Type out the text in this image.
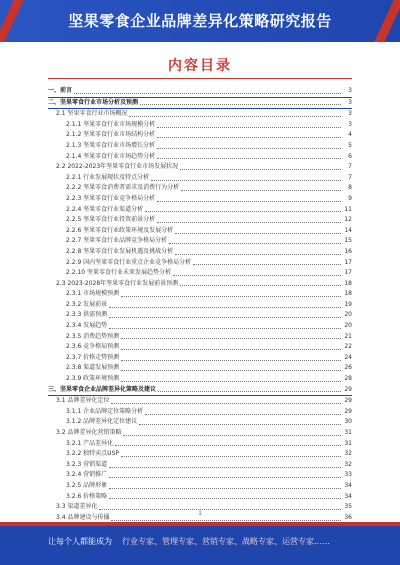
坚果零食企业品牌差异化策略研究报告
内容目录
一、前言	3
二、坚果零食行业市场分析及预测	3
2.1 坚果零食行业市场概况	3
2.1.1 坚果零食行业市场规模分析	3
2.1.2 坚果零食行业市场结构分析	4
2.1.3 坚果零食行业市场增长分析	5
2.1.4 坚果零食行业市场趋势分析	6
2.2 2022-2023年坚果零食行业市场发展状况	7
2.2.1 行业发展现状及特点分析	7
2.2.2 坚果零食消费者需求及消费行为分析	8
2.2.3 坚果零食行业竞争格局分析	9
2.2.4 坚果零食行业渠道分析	11
2.2.5 坚果零食行业投资前景分析	12
2.2.6 坚果零食行业政策环境及发展分析	14
2.2.7 坚果零食行业品牌竞争格局分析	15
2.2.8 坚果零食行业发展机遇及挑战分析	16
2.2.9 国内坚果零食行业重点企业竞争格局分析	17
2.2.10 坚果零食行业未来发展趋势分析	17
2.3 2023-2028年坚果零食行业发展前景预测	18
2.3.1 市场规模预测	18
2.3.2 发展前景	19
2.3.3 供需预测	20
2.3.4 发展趋势	20
2.3.5 消费趋势预测	21
2.3.6 竞争格局预测	22
2.3.7 价格走势预测	24
2.3.8 渠道发展预测	26
2.3.9 政策环境预测	28
三、坚果零食企业品牌差异化策略及建议	29
3.1 品牌差异化定位	29
3.1.1 企业品牌定位策略分析	29
3.1.2 品牌差异化定位建议	30
3.2 品牌差异化营销策略	31
3.2.1 产品差异化	31
3.2.2 独特卖点USP	32
3.2.3 营销渠道	32
3.2.4 营销推广	33
3.2.5 品牌形象	34
3.2.6 价格策略	34
3.3 渠道差异化	35
3.4 品牌建设与传播	36
1
让每个人都能成为 行业专家、管理专家、营销专家、战略专家、运营专家……
